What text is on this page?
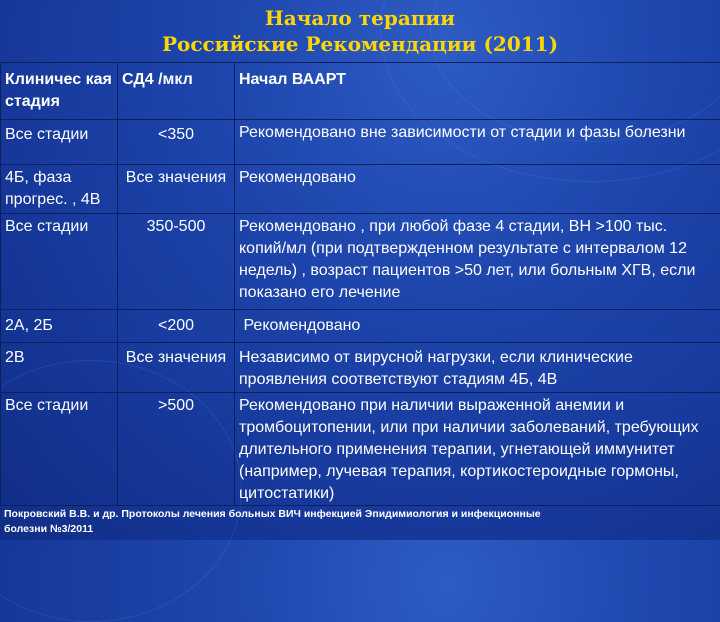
Начало терапии
Российские Рекомендации (2011)
Клиничес кая стадия	СД4 /мкл	Начал ВААРТ
Все стадии	<350	Рекомендовано вне зависимости от стадии и фазы болезни
4Б, фаза прогрес. , 4В	Все значения	Рекомендовано
Все стадии	350-500	Рекомендовано , при любой фазе 4 стадии, ВН >100 тыс. копий/мл (при подтвержденном результате с интервалом 12 недель) , возраст пациентов >50 лет, или больным ХГВ, если показано его лечение
2А, 2Б	<200	Рекомендовано
2В	Все значения	Независимо от вирусной нагрузки, если клинические проявления соответствуют стадиям 4Б, 4В
Все стадии	>500	Рекомендовано при наличии выраженной анемии и тромбоцитопении, или при наличии заболеваний, требующих длительного применения терапии, угнетающей иммунитет (например, лучевая терапия, кортикостероидные гормоны, цитостатики)
Покровский В.В. и др. Протоколы лечения больных ВИЧ инфекцией Эпидимиология и инфекционные болезни №3/2011
